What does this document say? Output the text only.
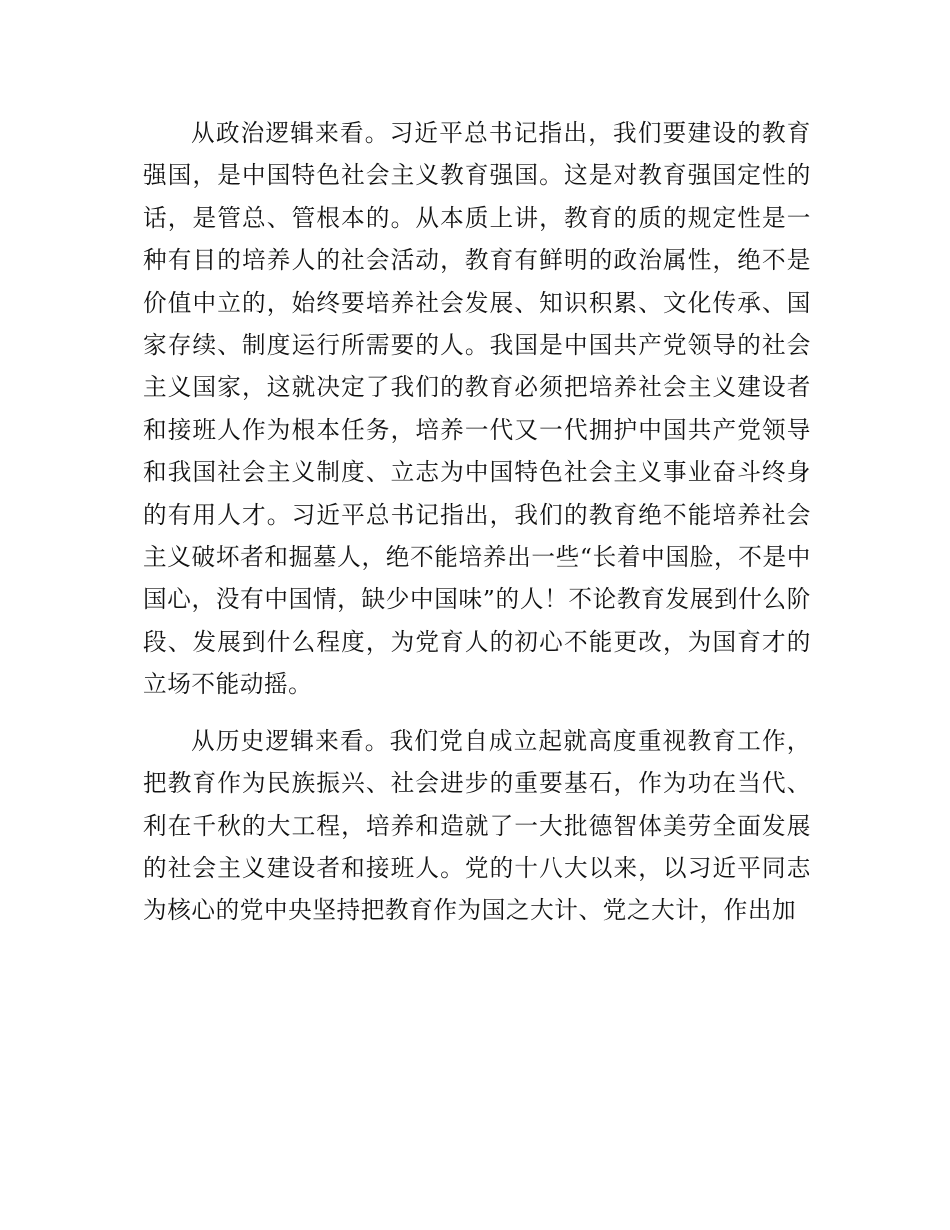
从政治逻辑来看。习近平总书记指出，我们要建设的教育强国，是中国特色社会主义教育强国。这是对教育强国定性的话，是管总、管根本的。从本质上讲，教育的质的规定性是一种有目的培养人的社会活动，教育有鲜明的政治属性，绝不是价值中立的，始终要培养社会发展、知识积累、文化传承、国家存续、制度运行所需要的人。我国是中国共产党领导的社会主义国家，这就决定了我们的教育必须把培养社会主义建设者和接班人作为根本任务，培养一代又一代拥护中国共产党领导和我国社会主义制度、立志为中国特色社会主义事业奋斗终身的有用人才。习近平总书记指出，我们的教育绝不能培养社会主义破坏者和掘墓人，绝不能培养出一些“长着中国脸，不是中国心，没有中国情，缺少中国味”的人！不论教育发展到什么阶段、发展到什么程度，为党育人的初心不能更改，为国育才的立场不能动摇。

从历史逻辑来看。我们党自成立起就高度重视教育工作，把教育作为民族振兴、社会进步的重要基石，作为功在当代、利在千秋的大工程，培养和造就了一大批德智体美劳全面发展的社会主义建设者和接班人。党的十八大以来，以习近平同志为核心的党中央坚持把教育作为国之大计、党之大计，作出加
